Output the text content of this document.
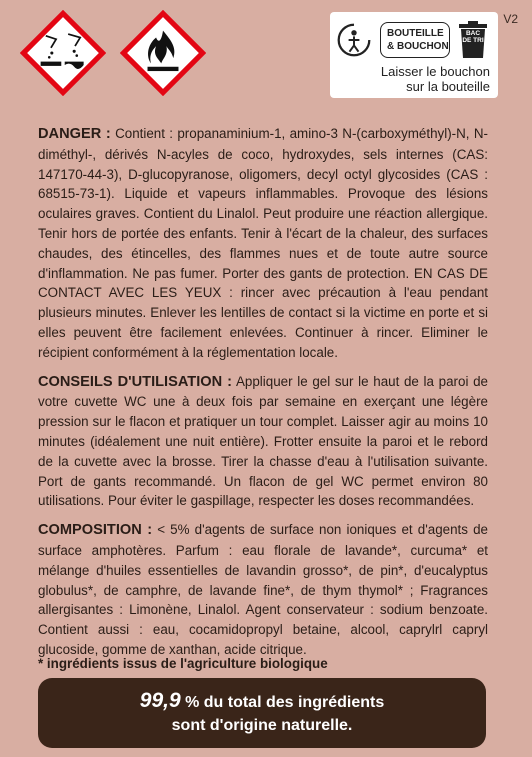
V2
BOUTEILLE
& BOUCHON
BAC DE TRI
Laisser le bouchon
sur la bouteille

DANGER : Contient : propanaminium-1, amino-3 N-(carboxyméthyl)-N, N-diméthyl-, dérivés N-acyles de coco, hydroxydes, sels internes (CAS: 147170-44-3), D-glucopyranose, oligomers, decyl octyl glycosides (CAS : 68515-73-1). Liquide et vapeurs inflammables. Provoque des lésions oculaires graves. Contient du Linalol. Peut produire une réaction allergique. Tenir hors de portée des enfants. Tenir à l'écart de la chaleur, des surfaces chaudes, des étincelles, des flammes nues et de toute autre source d'inflammation. Ne pas fumer. Porter des gants de protection. EN CAS DE CONTACT AVEC LES YEUX : rincer avec précaution à l'eau pendant plusieurs minutes. Enlever les lentilles de contact si la victime en porte et si elles peuvent être facilement enlevées. Continuer à rincer. Eliminer le récipient conformément à la réglementation locale.

CONSEILS D'UTILISATION : Appliquer le gel sur le haut de la paroi de votre cuvette WC une à deux fois par semaine en exerçant une légère pression sur le flacon et pratiquer un tour complet. Laisser agir au moins 10 minutes (idéalement une nuit entière). Frotter ensuite la paroi et le rebord de la cuvette avec la brosse. Tirer la chasse d'eau à l'utilisation suivante. Port de gants recommandé. Un flacon de gel WC permet environ 80 utilisations. Pour éviter le gaspillage, respecter les doses recommandées.

COMPOSITION : < 5% d'agents de surface non ioniques et d'agents de surface amphotères. Parfum : eau florale de lavande*, curcuma* et mélange d'huiles essentielles de lavandin grosso*, de pin*, d'eucalyptus globulus*, de camphre, de lavande fine*, de thym thymol* ; Fragrances allergisantes : Limonène, Linalol. Agent conservateur : sodium benzoate. Contient aussi : eau, cocamidopropyl betaine, alcool, caprylrl capryl glucoside, gomme de xanthan, acide citrique.

* ingrédients issus de l'agriculture biologique
99,9 % du total des ingrédients
sont d'origine naturelle.
